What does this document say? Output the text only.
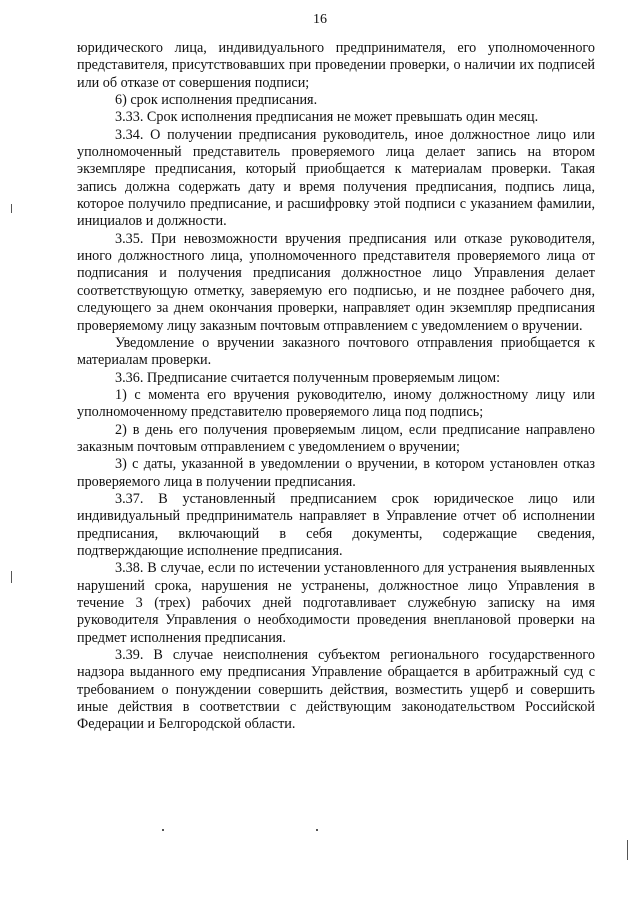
16

юридического лица, индивидуального предпринимателя, его уполномоченного представителя, присутствовавших при проведении проверки, о наличии их подписей или об отказе от совершения подписи;

6) срок исполнения предписания.

3.33. Срок исполнения предписания не может превышать один месяц.

3.34. О получении предписания руководитель, иное должностное лицо или уполномоченный представитель проверяемого лица делает запись на втором экземпляре предписания, который приобщается к материалам проверки. Такая запись должна содержать дату и время получения предписания, подпись лица, которое получило предписание, и расшифровку этой подписи с указанием фамилии, инициалов и должности.

3.35. При невозможности вручения предписания или отказе руководителя, иного должностного лица, уполномоченного представителя проверяемого лица от подписания и получения предписания должностное лицо Управления делает соответствующую отметку, заверяемую его подписью, и не позднее рабочего дня, следующего за днем окончания проверки, направляет один экземпляр предписания проверяемому лицу заказным почтовым отправлением с уведомлением о вручении.

Уведомление о вручении заказного почтового отправления приобщается к материалам проверки.

3.36. Предписание считается полученным проверяемым лицом:

1) с момента его вручения руководителю, иному должностному лицу или уполномоченному представителю проверяемого лица под подпись;

2) в день его получения проверяемым лицом, если предписание направлено заказным почтовым отправлением с уведомлением о вручении;

3) с даты, указанной в уведомлении о вручении, в котором установлен отказ проверяемого лица в получении предписания.

3.37. В установленный предписанием срок юридическое лицо или индивидуальный предприниматель направляет в Управление отчет об исполнении предписания, включающий в себя документы, содержащие сведения, подтверждающие исполнение предписания.

3.38. В случае, если по истечении установленного для устранения выявленных нарушений срока, нарушения не устранены, должностное лицо Управления в течение 3 (трех) рабочих дней подготавливает служебную записку на имя руководителя Управления о необходимости проведения внеплановой проверки на предмет исполнения предписания.

3.39. В случае неисполнения субъектом регионального государственного надзора выданного ему предписания Управление обращается в арбитражный суд с требованием о понуждении совершить действия, возместить ущерб и совершить иные действия в соответствии с действующим законодательством Российской Федерации и Белгородской области.
